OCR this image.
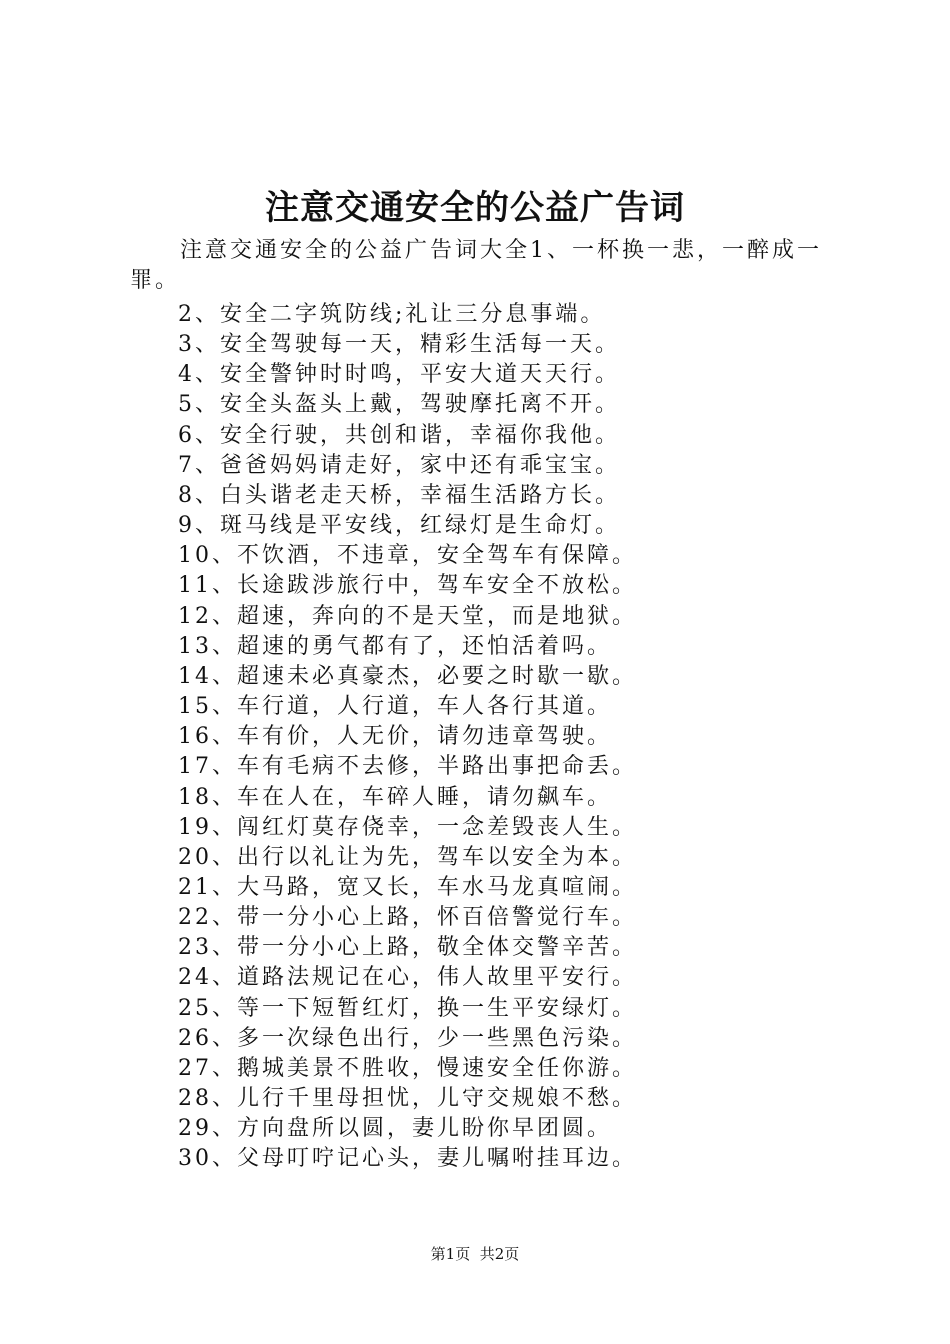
注意交通安全的公益广告词

注意交通安全的公益广告词大全1、一杯换一悲，一醉成一罪。

2、安全二字筑防线;礼让三分息事端。
3、安全驾驶每一天，精彩生活每一天。
4、安全警钟时时鸣，平安大道天天行。
5、安全头盔头上戴，驾驶摩托离不开。
6、安全行驶，共创和谐，幸福你我他。
7、爸爸妈妈请走好，家中还有乖宝宝。
8、白头谐老走天桥，幸福生活路方长。
9、斑马线是平安线，红绿灯是生命灯。
10、不饮酒，不违章，安全驾车有保障。
11、长途跋涉旅行中，驾车安全不放松。
12、超速，奔向的不是天堂，而是地狱。
13、超速的勇气都有了，还怕活着吗。
14、超速未必真豪杰，必要之时歇一歇。
15、车行道，人行道，车人各行其道。
16、车有价，人无价，请勿违章驾驶。
17、车有毛病不去修，半路出事把命丢。
18、车在人在，车碎人睡，请勿飙车。
19、闯红灯莫存侥幸，一念差毁丧人生。
20、出行以礼让为先，驾车以安全为本。
21、大马路，宽又长，车水马龙真喧闹。
22、带一分小心上路，怀百倍警觉行车。
23、带一分小心上路，敬全体交警辛苦。
24、道路法规记在心，伟人故里平安行。
25、等一下短暂红灯，换一生平安绿灯。
26、多一次绿色出行，少一些黑色污染。
27、鹅城美景不胜收，慢速安全任你游。
28、儿行千里母担忧，儿守交规娘不愁。
29、方向盘所以圆，妻儿盼你早团圆。
30、父母叮咛记心头，妻儿嘱咐挂耳边。
第1页 共2页
